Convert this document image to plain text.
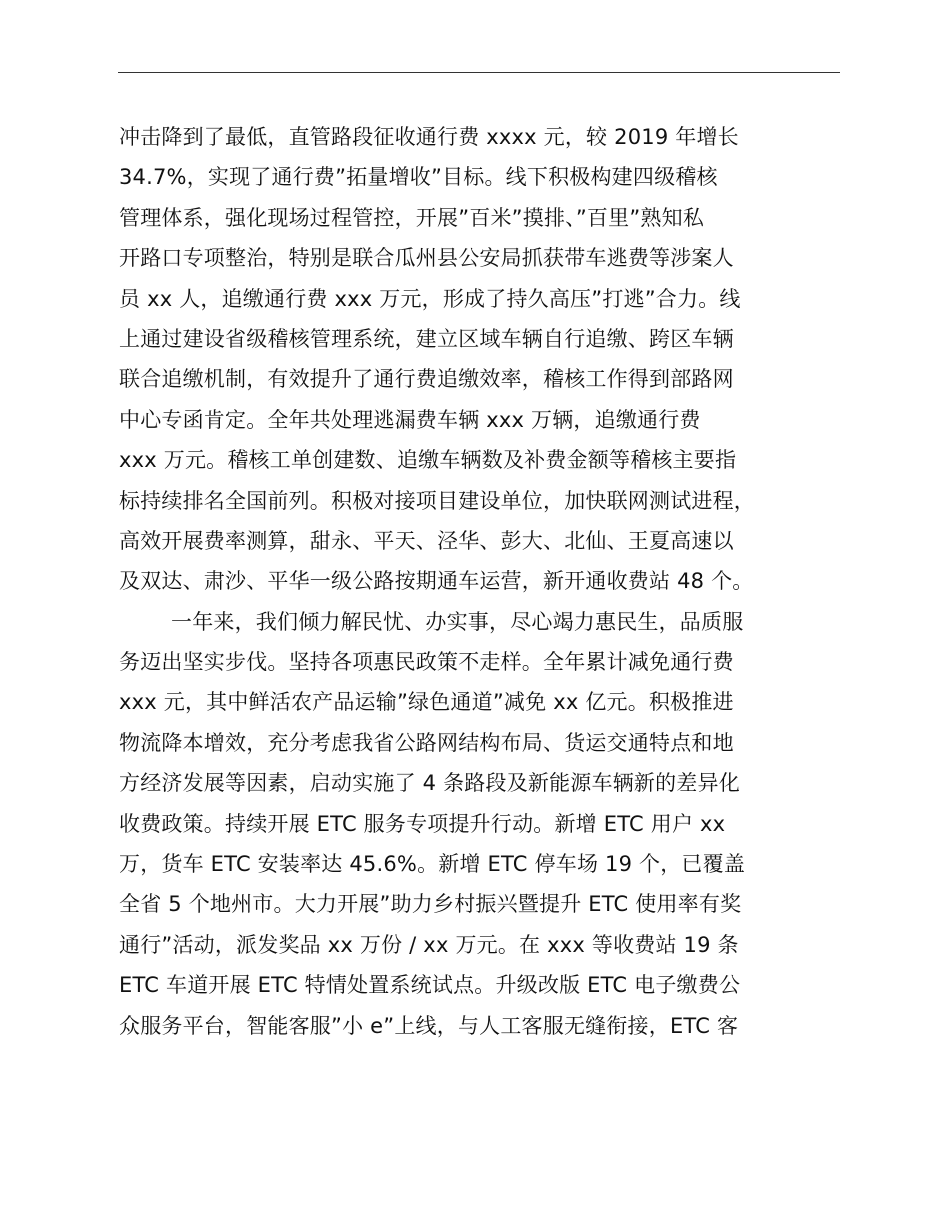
冲击降到了最低，直管路段征收通行费 xxxx 元，较 2019 年增长
34.7%，实现了通行费”拓量增收”目标。线下积极构建四级稽核
管理体系，强化现场过程管控，开展”百米”摸排、”百里”熟知私
开路口专项整治，特别是联合瓜州县公安局抓获带车逃费等涉案人
员 xx 人，追缴通行费 xxx 万元，形成了持久高压”打逃”合力。线
上通过建设省级稽核管理系统，建立区域车辆自行追缴、跨区车辆
联合追缴机制，有效提升了通行费追缴效率，稽核工作得到部路网
中心专函肯定。全年共处理逃漏费车辆 xxx 万辆，追缴通行费
xxx 万元。稽核工单创建数、追缴车辆数及补费金额等稽核主要指
标持续排名全国前列。积极对接项目建设单位，加快联网测试进程，
高效开展费率测算，甜永、平天、泾华、彭大、北仙、王夏高速以
及双达、肃沙、平华一级公路按期通车运营，新开通收费站 48 个。
一年来，我们倾力解民忧、办实事，尽心竭力惠民生，品质服
务迈出坚实步伐。坚持各项惠民政策不走样。全年累计减免通行费
xxx 元，其中鲜活农产品运输”绿色通道”减免 xx 亿元。积极推进
物流降本增效，充分考虑我省公路网结构布局、货运交通特点和地
方经济发展等因素，启动实施了 4 条路段及新能源车辆新的差异化
收费政策。持续开展 ETC 服务专项提升行动。新增 ETC 用户 xx
万，货车 ETC 安装率达 45.6%。新增 ETC 停车场 19 个，已覆盖
全省 5 个地州市。大力开展”助力乡村振兴暨提升 ETC 使用率有奖
通行”活动，派发奖品 xx 万份 / xx 万元。在 xxx 等收费站 19 条
ETC 车道开展 ETC 特情处置系统试点。升级改版 ETC 电子缴费公
众服务平台，智能客服”小 e”上线，与人工客服无缝衔接，ETC 客
